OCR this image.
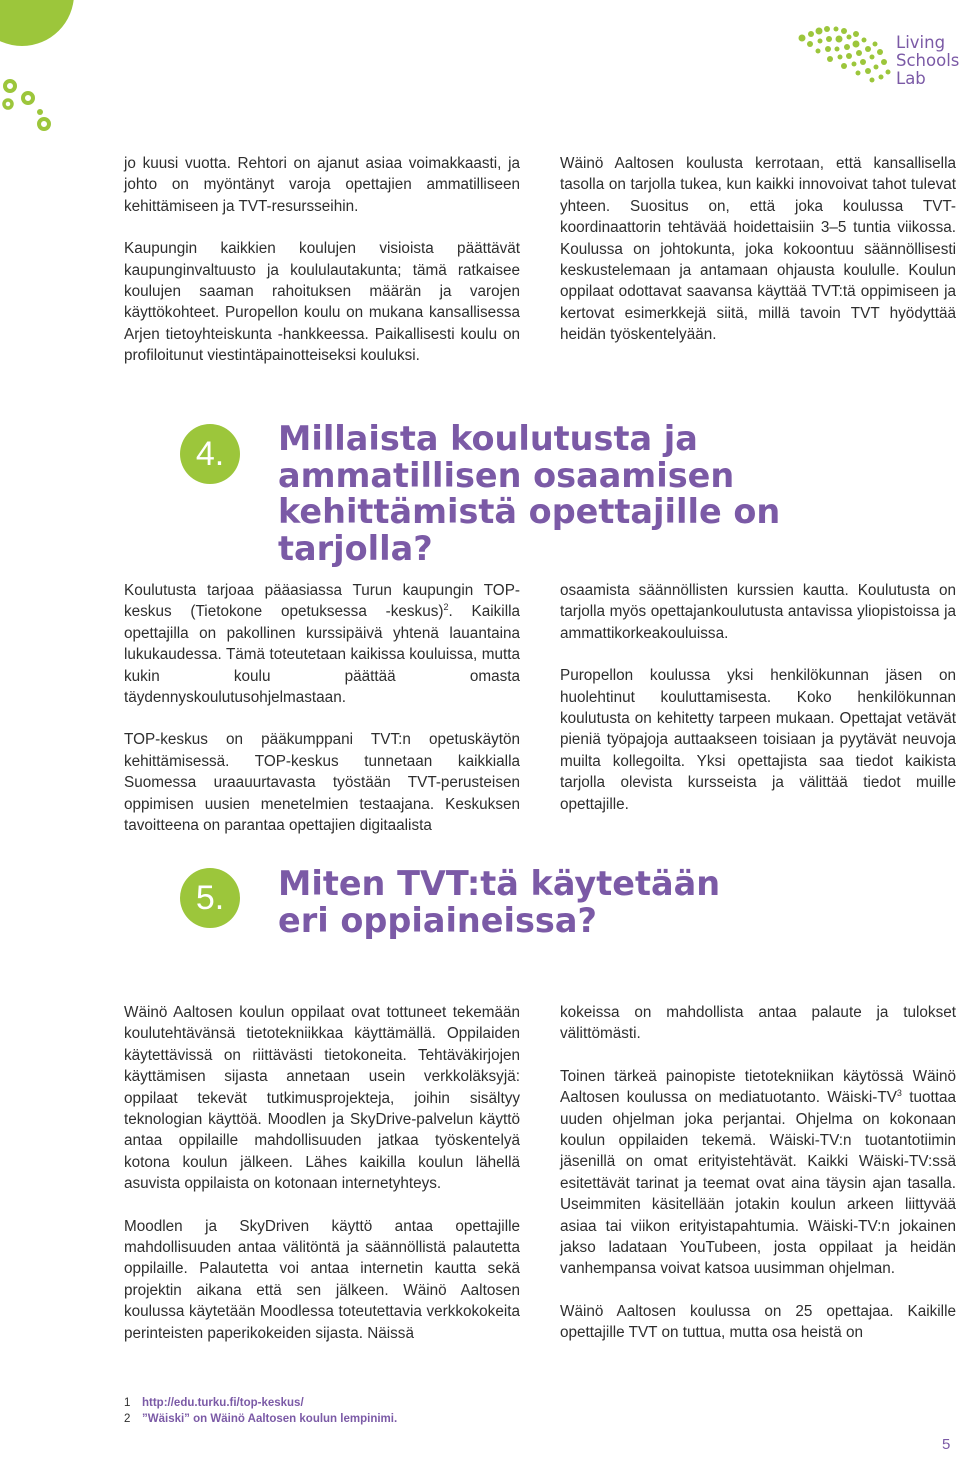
Living
Schools
Lab

jo kuusi vuotta. Rehtori on ajanut asiaa voimakkaasti, ja johto on myöntänyt varoja opettajien ammatilliseen kehittämiseen ja TVT-resursseihin.

Kaupungin kaikkien koulujen visioista päättävät kaupunginvaltuusto ja koululautakunta; tämä ratkaisee koulujen saaman rahoituksen määrän ja varojen käyttökohteet. Puropellon koulu on mukana kansallisessa Arjen tietoyhteiskunta -hankkeessa. Paikallisesti koulu on profiloitunut viestintäpainotteiseksi kouluksi.

Wäinö Aaltosen koulusta kerrotaan, että kansallisella tasolla on tarjolla tukea, kun kaikki innovoivat tahot tulevat yhteen. Suositus on, että joka koulussa TVT-koordinaattorin tehtävää hoidettaisiin 3–5 tuntia viikossa. Koulussa on johtokunta, joka kokoontuu säännöllisesti keskustelemaan ja antamaan ohjausta koululle. Koulun oppilaat odottavat saavansa käyttää TVT:tä oppimiseen ja kertovat esimerkkejä siitä, millä tavoin TVT hyödyttää heidän työskentelyään.

4.	Millaista koulutusta ja ammatillisen osaamisen kehittämistä opettajille on tarjolla?

Koulutusta tarjoaa pääasiassa Turun kaupungin TOP-keskus (Tietokone opetuksessa -keskus)$^2$. Kaikilla opettajilla on pakollinen kurssipäivä yhtenä lauantaina lukukaudessa. Tämä toteutetaan kaikissa kouluissa, mutta kukin koulu päättää omasta täydennyskoulutusohjelmastaan.

TOP-keskus on pääkumppani TVT:n opetuskäytön kehittämisessä. TOP-keskus tunnetaan kaikkialla Suomessa uraauurtavasta työstään TVT-perusteisen oppimisen uusien menetelmien testaajana. Keskuksen tavoitteena on parantaa opettajien digitaalista

osaamista säännöllisten kurssien kautta. Koulutusta on tarjolla myös opettajankoulutusta antavissa yliopistoissa ja ammattikorkeakouluissa.

Puropellon koulussa yksi henkilökunnan jäsen on huolehtinut kouluttamisesta. Koko henkilökunnan koulutusta on kehitetty tarpeen mukaan. Opettajat vetävät pieniä työpajoja auttaakseen toisiaan ja pyytävät neuvoja muilta kollegoilta. Yksi opettajista saa tiedot kaikista tarjolla olevista kursseista ja välittää tiedot muille opettajille.

5.	Miten TVT:tä käytetään eri oppiaineissa?

Wäinö Aaltosen koulun oppilaat ovat tottuneet tekemään koulutehtävänsä tietotekniikkaa käyttämällä. Oppilaiden käytettävissä on riittävästi tietokoneita. Tehtäväkirjojen käyttämisen sijasta annetaan usein verkkoläksyjä: oppilaat tekevät tutkimusprojekteja, joihin sisältyy teknologian käyttöä. Moodlen ja SkyDrive-palvelun käyttö antaa oppilaille mahdollisuuden jatkaa työskentelyä kotona koulun jälkeen. Lähes kaikilla koulun lähellä asuvista oppilaista on kotonaan internetyhteys.

Moodlen ja SkyDriven käyttö antaa opettajille mahdollisuuden antaa välitöntä ja säännöllistä palautetta oppilaille. Palautetta voi antaa internetin kautta sekä projektin aikana että sen jälkeen. Wäinö Aaltosen koulussa käytetään Moodlessa toteutettavia verkkokokeita perinteisten paperikokeiden sijasta. Näissä

kokeissa on mahdollista antaa palaute ja tulokset välittömästi.

Toinen tärkeä painopiste tietotekniikan käytössä Wäinö Aaltosen koulussa on mediatuotanto. Wäiski-$TV^3$ tuottaa uuden ohjelman joka perjantai. Ohjelma on kokonaan koulun oppilaiden tekemä. Wäiski-TV:n tuotantotiimin jäsenillä on omat erityistehtävät. Kaikki Wäiski-TV:ssä esitettävät tarinat ja teemat ovat aina täysin ajan tasalla. Useimmiten käsitellään jotakin koulun arkeen liittyvää asiaa tai viikon erityistapahtumia. Wäiski-TV:n jokainen jakso ladataan YouTubeen, josta oppilaat ja heidän vanhempansa voivat katsoa uusimman ohjelman.

Wäinö Aaltosen koulussa on 25 opettajaa. Kaikille opettajille TVT on tuttua, mutta osa heistä on

1 http://edu.turku.fi/top-keskus/
2 ”Wäiski” on Wäinö Aaltosen koulun lempinimi.
5
